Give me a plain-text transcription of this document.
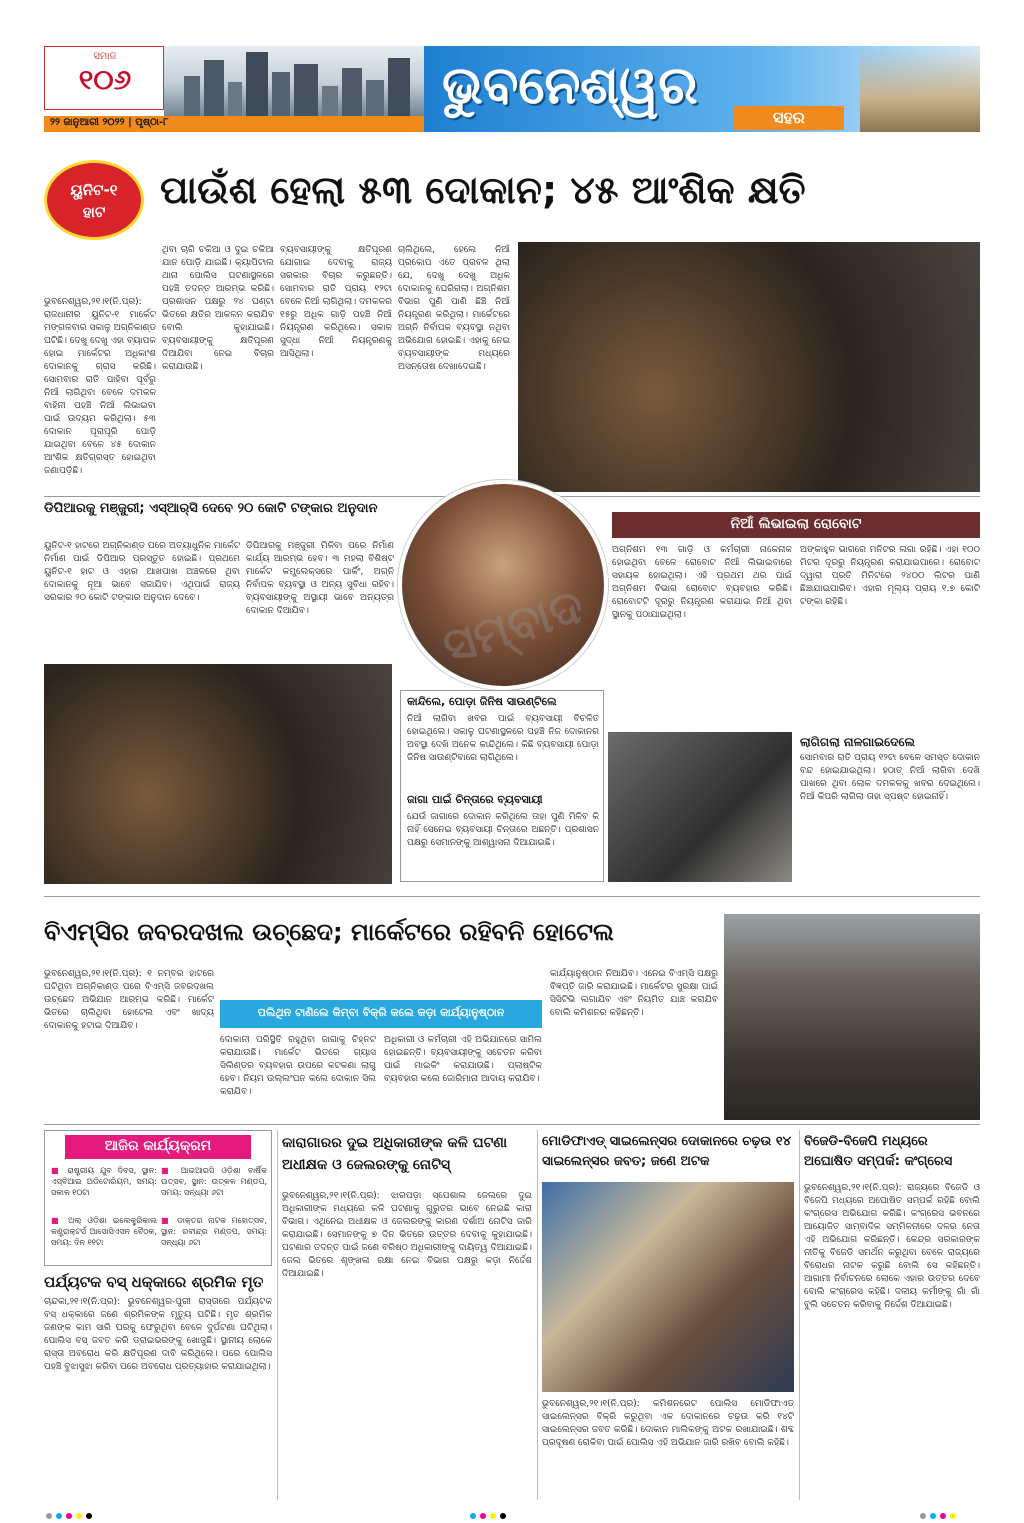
ସମାଜ
୧୦୬
୨୨ ଜାନୁଆରୀ ୨୦୨୨ | ପୃଷ୍ଠା-୮
ଭୁବନେଶ୍ୱର
ସହର
ୟୁନିଟ-୧
ହାଟ	ପାଉଁଶ ହେଲା ୫୩ ଦୋକାନ; ୪୫ ଆଂଶିକ କ୍ଷତି

ଭୁବନେଶ୍ୱର,୨୧।୧(ନି.ପ୍ର): ରାଜଧାନୀର ୟୁନିଟ-୧ ମାର୍କେଟ ମଙ୍ଗଳବାର ସକାଳୁ ଅଗ୍ନିକାଣ୍ଡ ଘଟିଛି। ଦେଖୁ ଦେଖୁ ଏହା ବ୍ୟାପକ ହୋଇ ମାର୍କେଟର ଅଧିକାଂଶ ଦୋକାନକୁ ଗ୍ରାସ କରିଛି। ସୋମବାର ରାତି ପାହିବା ପୂର୍ବରୁ ନିଆଁ ଲାଗିଥିବା ବେଳେ ଦମକଳ ବାହିନୀ ପହଞ୍ଚି ନିଆଁ ଲିଭାଇବା ପାଇଁ ଉଦ୍ୟମ କରିଥିଲା। ୫୩ ଦୋକାନ ପୂରାପୂରି ପୋଡ଼ି ଯାଇଥିବା ବେଳେ ୪୫ ଦୋକାନ ଆଂଶିକ କ୍ଷତିଗ୍ରସ୍ତ ହୋଇଥିବା ଜଣାପଡ଼ିଛି।

ଥିବା ଚାରି ଚକିଆ ଓ ଦୁଇ ଚକିଆ ଯାନ ପୋଡ଼ି ଯାଇଛି। କ୍ୟାପିଟାଲ ଥାନା ପୋଲିସ ଘଟଣାସ୍ଥଳରେ ପହଞ୍ଚି ତଦନ୍ତ ଆରମ୍ଭ କରିଛି। ପ୍ରଶାସନ ପକ୍ଷରୁ ୨୪ ଘଣ୍ଟା ଭିତରେ କ୍ଷତିର ଆକଳନ କରାଯିବ ବୋଲି କୁହାଯାଇଛି। ବ୍ୟବସାୟୀଙ୍କୁ କ୍ଷତିପୂରଣ ଦିଆଯିବା ନେଇ ବିଚାର କରାଯାଉଛି।

ବ୍ୟବସାୟୀଙ୍କୁ କ୍ଷତିପୂରଣ ଯୋଗାଇ ଦେବାକୁ ରାଜ୍ୟ ସରକାର ବିଚାର କରୁଛନ୍ତି। ସୋମବାର ରାତି ପ୍ରାୟ ୧୨ଟା ବେଳେ ନିଆଁ ଲାଗିଥିଲା। ଦମକଳର ୧୫ରୁ ଅଧିକ ଗାଡ଼ି ପହଞ୍ଚି ନିଆଁ ନିୟନ୍ତ୍ରଣ କରିଥିଲେ। ସକାଳ ସୁଦ୍ଧା ନିଆଁ ନିୟନ୍ତ୍ରଣକୁ ଆସିଥିଲା।

ଚାଲିଥିଲେ, ହେଲେ ନିଆଁ ପ୍ରକୋପ ଏତେ ପ୍ରବଳ ଥିଲା ଯେ, ଦେଖୁ ଦେଖୁ ଅଧିକ ଦୋକାନକୁ ଘେରିଗଲା। ଅଗ୍ନିଶମ ବିଭାଗ ପୁଣି ପାଣି ଛିଞ୍ଚି ନିଆଁ ନିୟନ୍ତ୍ରଣ କରିଥିଲା। ମାର୍କେଟରେ ଅଗ୍ନି ନିର୍ବାପକ ବ୍ୟବସ୍ଥା ନଥିବା ଅଭିଯୋଗ ହୋଇଛି। ଏହାକୁ ନେଇ ବ୍ୟବସାୟୀଙ୍କ ମଧ୍ୟରେ ଅସନ୍ତୋଷ ଦେଖାଦେଇଛି।

ଡିପିଆରକୁ ମଞ୍ଜୁରୀ; ଏସ୍‌ଆର୍‌ସି ଦେବେ ୨୦ କୋଟି ଟଙ୍କାର ଅନୁଦାନ

ୟୁନିଟ-୧ ହାଟରେ ଅଗ୍ନିକାଣ୍ଡ ପରେ ଅତ୍ୟାଧୁନିକ ମାର୍କେଟ ନିର୍ମାଣ ପାଇଁ ଡିପିଆର ପ୍ରସ୍ତୁତ ହୋଇଛି। ପ୍ରଥମେ ୟୁନିଟ-୧ ହାଟ ଓ ଏହାର ଆଖପାଖ ଅଞ୍ଚଳରେ ଥିବା ଦୋକାନକୁ ନୂଆ ଭାବେ ସଜାଯିବ। ଏଥିପାଇଁ ରାଜ୍ୟ ସରକାର ୨୦ କୋଟି ଟଙ୍କାର ଅନୁଦାନ ଦେବେ।

ଡିପିଆରକୁ ମଞ୍ଜୁରୀ ମିଳିବା ପରେ ନିର୍ମାଣ କାର୍ଯ୍ୟ ଆରମ୍ଭ ହେବ। ୩ ମହଲା ବିଶିଷ୍ଟ ମାର୍କେଟ କମ୍ପ୍ଲେକ୍ସରେ ପାର୍କିଂ, ଅଗ୍ନି ନିର୍ବାପକ ବ୍ୟବସ୍ଥା ଓ ଅନ୍ୟ ସୁବିଧା ରହିବ। ବ୍ୟବସାୟୀଙ୍କୁ ଅସ୍ଥାୟୀ ଭାବେ ଅନ୍ୟତ୍ର ଦୋକାନ ଦିଆଯିବ।	ସମ୍ବାଦ
ନିଆଁ ଲିଭାଇଲା ରୋବୋଟ

ଅଗ୍ନିଶମ ୧୩ ଗାଡ଼ି ଓ କର୍ମଚାରୀ ନାକେନାକ ହୋଇଥିବା ବେଳେ ରୋବୋଟ ନିଆଁ ଲିଭାଇବାରେ ସହାୟକ ହୋଇଥିଲା। ଏହି ପ୍ରଥମ ଥର ପାଇଁ ଅଗ୍ନିଶମ ବିଭାଗ ରୋବୋଟ ବ୍ୟବହାର କରିଛି। ରୋବୋଟଟି ଦୂରରୁ ନିୟନ୍ତ୍ରଣ କରାଯାଇ ନିଆଁ ଥିବା ସ୍ଥାନକୁ ପଠାଯାଇଥିଲା।

ଅଙ୍କାହୁଳ ଭାଗରେ ମନିଟର ଲଗା ରହିଛି। ଏହା ୧୦୦ ମିଟର ଦୂରରୁ ନିୟନ୍ତ୍ରଣ କରାଯାଇପାରେ। ରୋବୋଟ ଦ୍ୱାରା ପ୍ରତି ମିନିଟରେ ୨୪୦୦ ଲିଟର ପାଣି ଛିଞ୍ଚାଯାଇପାରିବ। ଏହାର ମୂଲ୍ୟ ପ୍ରାୟ ୧.୭ କୋଟି ଟଙ୍କା ରହିଛି।

କାନ୍ଦିଲେ, ପୋଡ଼ା ଜିନିଷ ସାଉଣ୍ଟିଲେ
ନିଆଁ ଲାଗିବା ଖବର ପାଇଁ ବ୍ୟବସାୟୀ ବିଚଳିତ ହୋଇଥିଲେ। ସକାଳୁ ଘଟଣାସ୍ଥଳରେ ପହଞ୍ଚି ନିଜ ଦୋକାନର ଅବସ୍ଥା ଦେଖି ଅନେକ କାନ୍ଦିଥିଲେ। କିଛି ବ୍ୟବସାୟୀ ପୋଡ଼ା ଜିନିଷ ସାଉଣ୍ଟିବାରେ ଲାଗିଥିଲେ।
ଜାଗା ପାଇଁ ଚିନ୍ତାରେ ବ୍ୟବସାୟୀ
ଯେଉଁ ଜାଗାରେ ଦୋକାନ କରିଥିଲେ ତାହା ପୁଣି ମିଳିବ କି ନାହିଁ ସେନେଇ ବ୍ୟବସାୟୀ ଚିନ୍ତାରେ ଅଛନ୍ତି। ପ୍ରଶାସନ ପକ୍ଷରୁ ସେମାନଙ୍କୁ ଆଶ୍ୱାସନା ଦିଆଯାଇଛି।
ଲାଗିଗଲା ନାଳଗାଇଦେଲେ
ସୋମବାର ରାତି ପ୍ରାୟ ୧୨ଟା ବେଳେ ସମସ୍ତ ଦୋକାନ ବନ୍ଦ ହୋଇଯାଇଥିଲା। ହଠାତ୍ ନିଆଁ ଲାଗିବା ଦେଖି ପାଖରେ ଥିବା ଲୋକ ଦମକଳକୁ ଖବର ଦେଇଥିଲେ। ନିଆଁ କିପରି ଲାଗିଲା ତାହା ସ୍ପଷ୍ଟ ହୋଇନାହିଁ।
ବିଏମ୍‌ସିର ଜବରଦଖଲ ଉଚ୍ଛେଦ; ମାର୍କେଟରେ ରହିବନି ହୋଟେଲ

ଭୁବନେଶ୍ୱର,୨୧।୧(ନି.ପ୍ର): ୧ ନମ୍ବର ହାଟରେ ଘଟିଥିବା ଅଗ୍ନିକାଣ୍ଡ ପରେ ବିଏମ୍‌ସି ଜବରଦଖଲ ଉଚ୍ଛେଦ ଅଭିଯାନ ଆରମ୍ଭ କରିଛି। ମାର୍କେଟ ଭିତରେ ଚାଲିଥିବା ହୋଟେଲ ଏବଂ ଖାଦ୍ୟ ଦୋକାନକୁ ହଟାଇ ଦିଆଯିବ।

ପଲିଥିନ ଟାଣିଲେ କିମ୍ବା ବିକ୍ରି କଲେ କଡ଼ା କାର୍ଯ୍ୟାନୁଷ୍ଠାନ

ଦୋକାନୀ ପରିସ୍ଥିତି ରହୁଥିବା ଜାଗାକୁ ଚିହ୍ନଟ କରାଯାଉଛି। ମାର୍କେଟ ଭିତରେ ଗ୍ୟାସ ସିଲିଣ୍ଡର ବ୍ୟବହାର ଉପରେ କଟକଣା ଲାଗୁ ହେବ। ନିୟମ ଉଲ୍ଲଂଘନ କଲେ ଦୋକାନ ସିଲ କରାଯିବ।

ଅଧିକାରୀ ଓ କର୍ମଚାରୀ ଏହି ଅଭିଯାନରେ ସାମିଲ ହୋଇଛନ୍ତି। ବ୍ୟବସାୟୀଙ୍କୁ ସଚେତନ କରିବା ପାଇଁ ମାଇକିଂ କରାଯାଉଛି। ପ୍ଲାଷ୍ଟିକ ବ୍ୟବହାର କଲେ ଜୋରିମାନା ଆଦାୟ କରାଯିବ।

କାର୍ଯ୍ୟାନୁଷ୍ଠାନ ନିଆଯିବ। ଏନେଇ ବିଏମ୍‌ସି ପକ୍ଷରୁ ବିଜ୍ଞପ୍ତି ଜାରି କରାଯାଇଛି। ମାର୍କେଟର ସୁରକ୍ଷା ପାଇଁ ସିସିଟିଭି ଲଗାଯିବ ଏବଂ ନିୟମିତ ଯାଞ୍ଚ କରାଯିବ ବୋଲି କମିଶନର କହିଛନ୍ତି।

ଆଜିର କାର୍ଯ୍ୟକ୍ରମ
■ ରାଷ୍ଟ୍ରୀୟ ଯୁବ ଦିବସ, ସ୍ଥାନ: ଏସ୍‌ବିଆଇ ଅଡିଟୋରିୟମ, ସମୟ: ସକାଳ ୧୦ଟା
■ ଆଇଆରସି ଓଡ଼ିଶା ବାର୍ଷିକ ଉତ୍ସବ, ସ୍ଥାନ: ଉତ୍କଳ ମଣ୍ଡପ, ସମୟ: ସନ୍ଧ୍ୟା ୬ଟା
■ ଅଲ୍ ଓଡ଼ିଶା ଇଲେକ୍ଟ୍ରିକାଲ କଣ୍ଟ୍ରାକ୍ଟର୍ସ ଆସୋସିଏସନ ବୈଠକ, ସମୟ: ଦିନ ୧୧ଟା
■ ଡାକ୍ତର ନାଟକ ମହୋତ୍ସବ, ସ୍ଥାନ: ରବୀନ୍ଦ୍ର ମଣ୍ଡପ, ସମୟ: ସନ୍ଧ୍ୟା ୬ଟା
ପର୍ଯ୍ୟଟକ ବସ୍ ଧକ୍କାରେ ଶ୍ରମିକ ମୃତ
ଚାନ୍ଦକା,୨୧।୧(ନି.ପ୍ର): ଭୁବନେଶ୍ୱର-ପୁରୀ ରାସ୍ତାରେ ପର୍ଯ୍ୟଟକ ବସ୍ ଧକ୍କାରେ ଜଣେ ଶ୍ରମିକଙ୍କ ମୃତ୍ୟୁ ଘଟିଛି। ମୃତ ଶ୍ରମିକ ଜଣଙ୍କ କାମ ସାରି ଘରକୁ ଫେରୁଥିବା ବେଳେ ଦୁର୍ଘଟଣା ଘଟିଥିଲା। ପୋଲିସ ବସ୍ ଜବତ କରି ଡ୍ରାଇଭରଙ୍କୁ ଖୋଜୁଛି। ସ୍ଥାନୀୟ ଲୋକେ ରାସ୍ତା ଅବରୋଧ କରି କ୍ଷତିପୂରଣ ଦାବି କରିଥିଲେ। ପରେ ପୋଲିସ ପହଞ୍ଚି ବୁଝାସୁଝା କରିବା ପରେ ଅବରୋଧ ପ୍ରତ୍ୟାହାର କରାଯାଇଥିଲା।
କାରାଗାରର ଦୁଇ ଅଧିକାରୀଙ୍କ କଳି ଘଟଣା ଅଧୀକ୍ଷକ ଓ ଜେଲରଙ୍କୁ ନୋଟିସ୍
ଭୁବନେଶ୍ୱର,୨୧।୧(ନି.ପ୍ର): ଝାରପଡ଼ା ସ୍ପେଶାଲ ଜେଲରେ ଦୁଇ ଅଧିକାରୀଙ୍କ ମଧ୍ୟରେ କଳି ଘଟଣାକୁ ଗୁରୁତର ଭାବେ ନେଇଛି କାରା ବିଭାଗ। ଏଥିନେଇ ଅଧୀକ୍ଷକ ଓ ଜେଲରଙ୍କୁ କାରଣ ଦର୍ଶାଅ ନୋଟିସ ଜାରି କରାଯାଇଛି। ସେମାନଙ୍କୁ ୭ ଦିନ ଭିତରେ ଉତ୍ତର ଦେବାକୁ କୁହାଯାଇଛି। ଘଟଣାର ତଦନ୍ତ ପାଇଁ ଜଣେ ବରିଷ୍ଠ ଅଧିକାରୀଙ୍କୁ ଦାୟିତ୍ୱ ଦିଆଯାଇଛି। ଜେଲ ଭିତରେ ଶୃଙ୍ଖଳା ରକ୍ଷା ନେଇ ବିଭାଗ ପକ୍ଷରୁ କଡ଼ା ନିର୍ଦ୍ଦେଶ ଦିଆଯାଇଛି।
ମୋଡିଫାଏଡ୍ ସାଇଲେନ୍ସର ଦୋକାନରେ ଚଢ଼ଉ ୧୪ ସାଇଲେନ୍ସର ଜବତ; ଜଣେ ଅଟକ
ଭୁବନେଶ୍ୱର,୨୧।୧(ନି.ପ୍ର): କମିଶନରେଟ ପୋଲିସ ମୋଡିଫାଏଡ୍ ସାଇଲେନ୍ସର ବିକ୍ରି କରୁଥିବା ଏକ ଦୋକାନରେ ଚଢ଼ଉ କରି ୧୪ଟି ସାଇଲେନ୍ସର ଜବତ କରିଛି। ଦୋକାନ ମାଲିକଙ୍କୁ ଅଟକ ରଖାଯାଇଛି। ଶବ୍ଦ ପ୍ରଦୂଷଣ ରୋକିବା ପାଇଁ ପୋଲିସ ଏହି ଅଭିଯାନ ଜାରି ରଖିବ ବୋଲି କହିଛି।
ବିଜେଡି-ବିଜେପି ମଧ୍ୟରେ ଅଘୋଷିତ ସମ୍ପର୍କ: କଂଗ୍ରେସ
ଭୁବନେଶ୍ୱର,୨୧।୧(ନି.ପ୍ର): ରାଜ୍ୟରେ ବିଜେଡି ଓ ବିଜେପି ମଧ୍ୟରେ ଅଘୋଷିତ ସମ୍ପର୍କ ରହିଛି ବୋଲି କଂଗ୍ରେସ ଅଭିଯୋଗ କରିଛି। କଂଗ୍ରେସ ଭବନରେ ଆୟୋଜିତ ସାମ୍ବାଦିକ ସମ୍ମିଳନୀରେ ଦଳର ନେତା ଏହି ଅଭିଯୋଗ କରିଛନ୍ତି। କେନ୍ଦ୍ର ସରକାରଙ୍କ ନୀତିକୁ ବିଜେଡି ସମର୍ଥନ କରୁଥିବା ବେଳେ ରାଜ୍ୟରେ ବିରୋଧର ନାଟକ କରୁଛି ବୋଲି ସେ କହିଛନ୍ତି। ଆଗାମୀ ନିର୍ବାଚନରେ ଲୋକେ ଏହାର ଉତ୍ତର ଦେବେ ବୋଲି କଂଗ୍ରେସ କହିଛି। ଦଳୀୟ କର୍ମୀଙ୍କୁ ଗାଁ ଗାଁ ବୁଲି ସଚେତନ କରିବାକୁ ନିର୍ଦ୍ଦେଶ ଦିଆଯାଇଛି।
